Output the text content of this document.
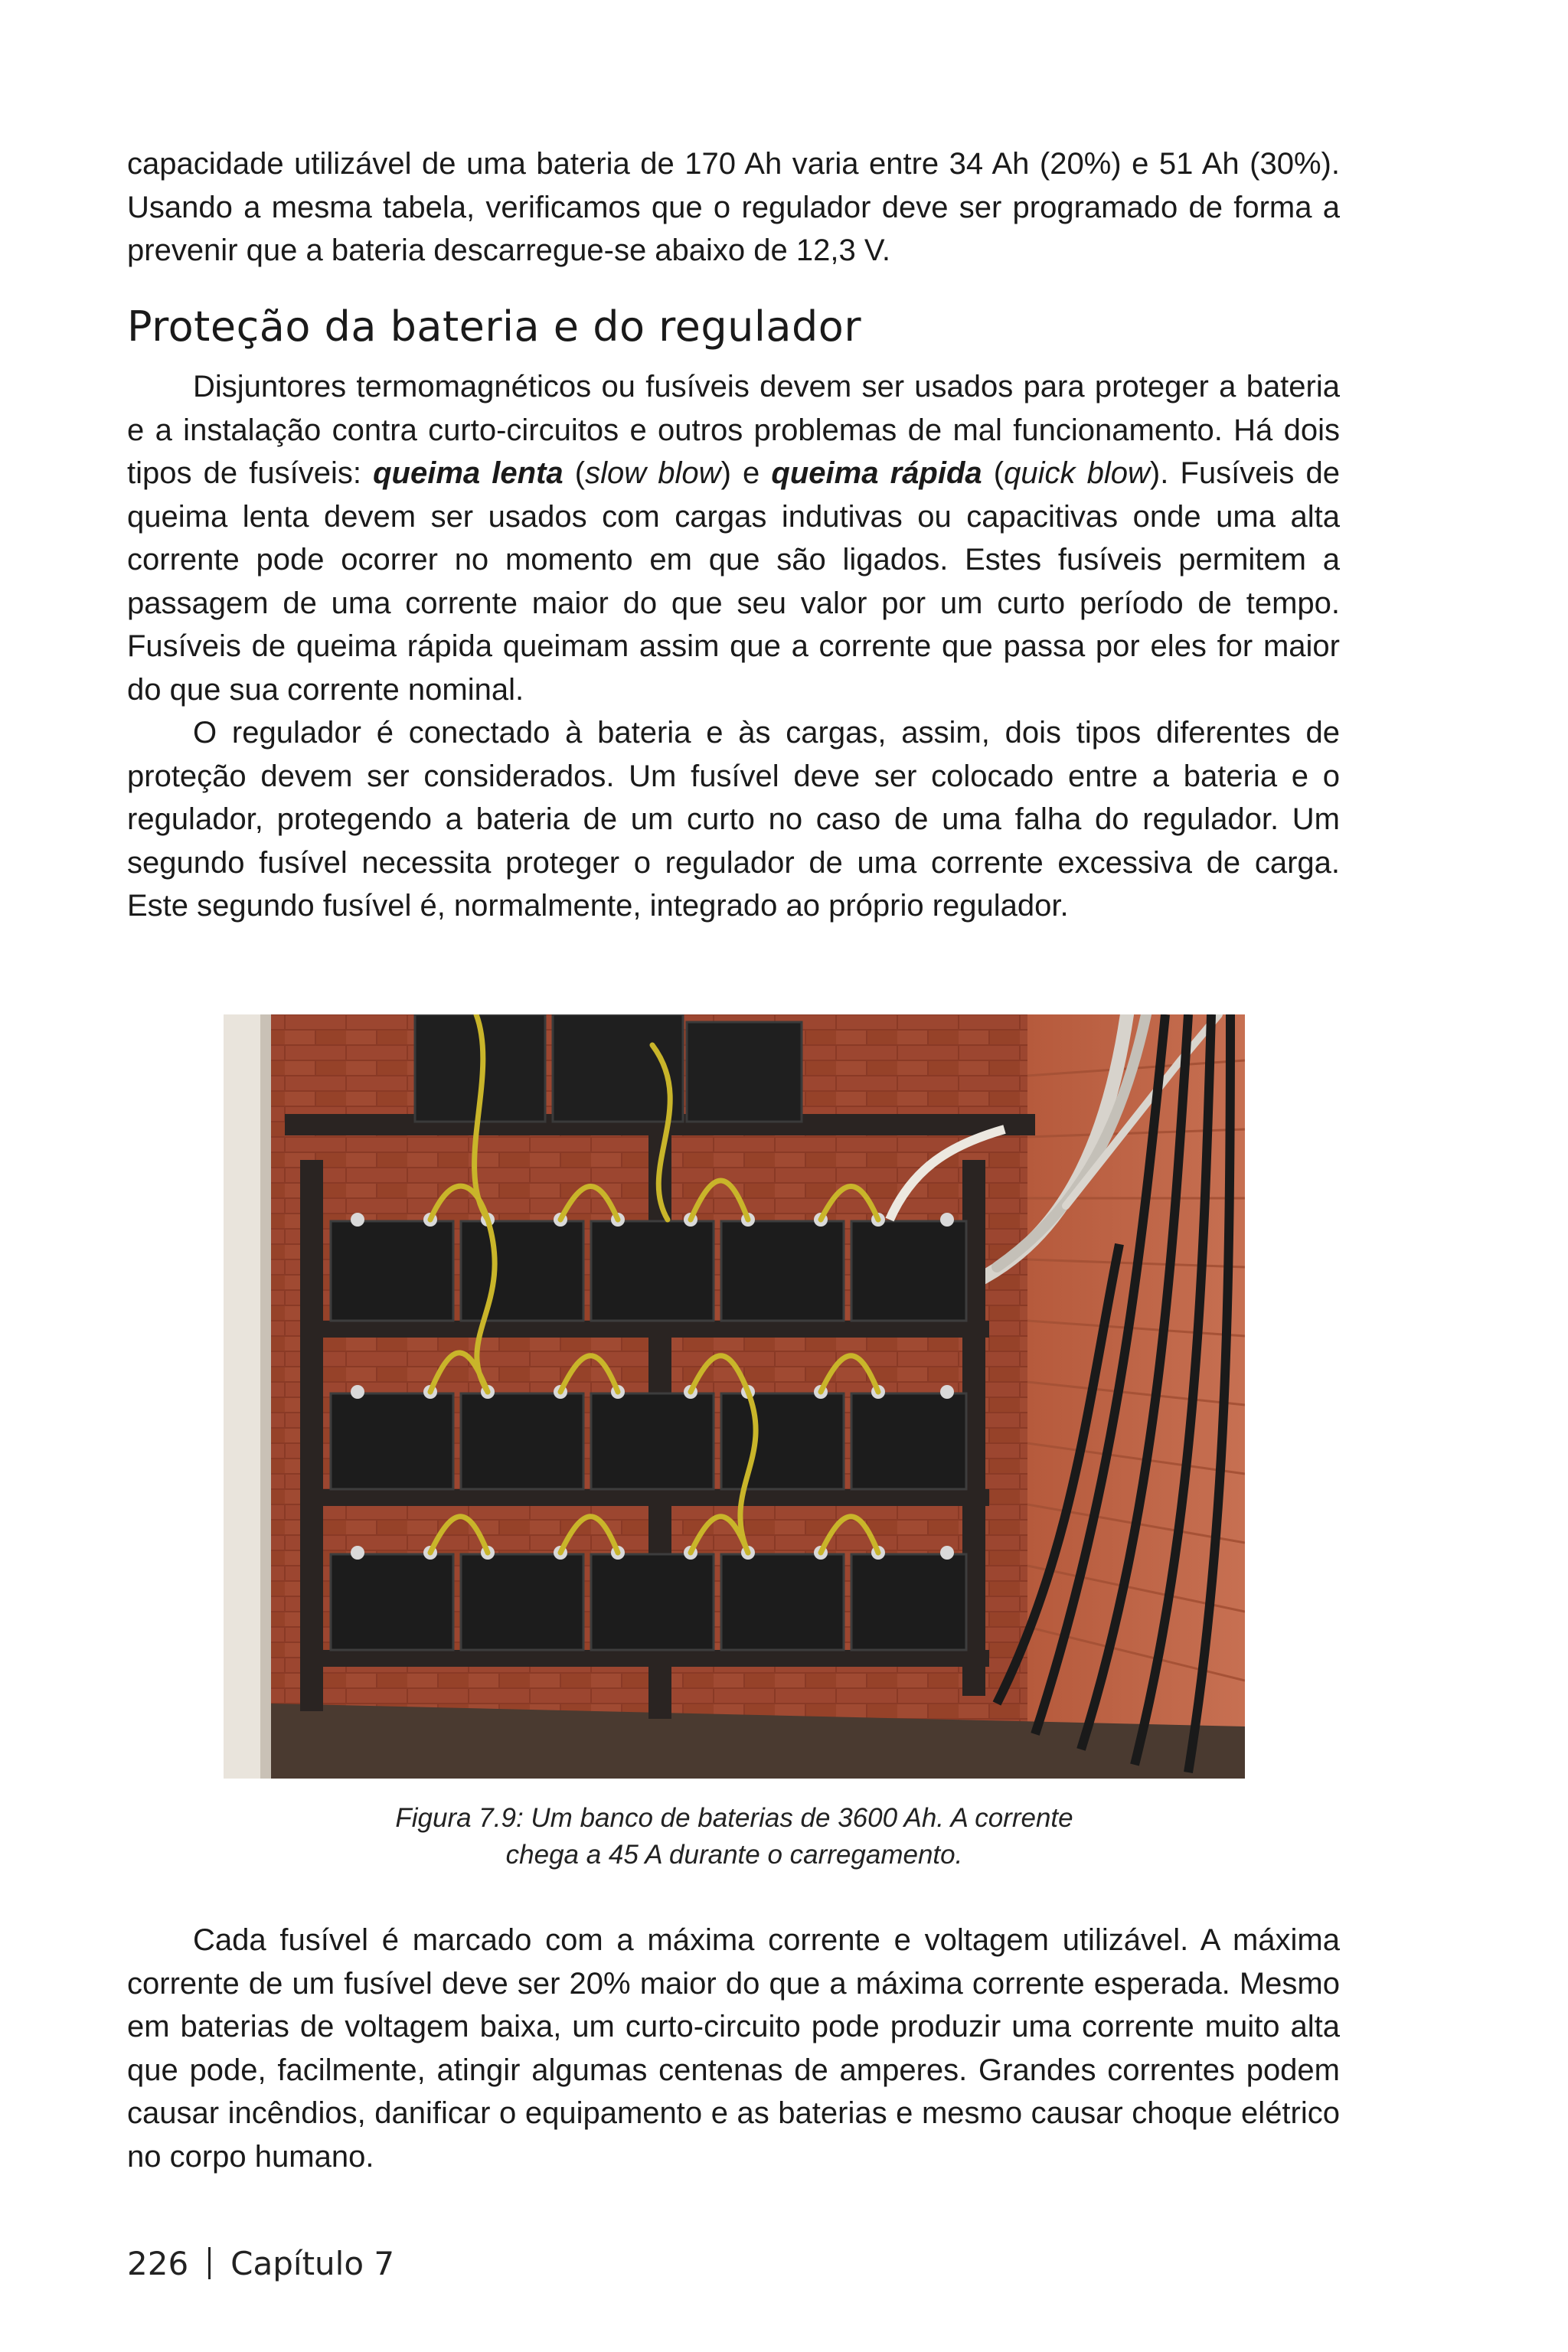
capacidade utilizável de uma bateria de 170 Ah varia entre 34 Ah (20%) e 51 Ah (30%). Usando a mesma tabela, verificamos que o regulador deve ser programado de forma a prevenir que a bateria descarregue-se abaixo de 12,3 V.

Proteção da bateria e do regulador

Disjuntores termomagnéticos ou fusíveis devem ser usados para proteger a bateria e a instalação contra curto-circuitos e outros problemas de mal funcionamento. Há dois tipos de fusíveis: queima lenta (slow blow) e queima rápida (quick blow). Fusíveis de queima lenta devem ser usados com cargas indutivas ou capacitivas onde uma alta corrente pode ocorrer no momento em que são ligados. Estes fusíveis permitem a passagem de uma corrente maior do que seu valor por um curto período de tempo. Fusíveis de queima rápida queimam assim que a corrente que passa por eles for maior do que sua corrente nominal.

O regulador é conectado à bateria e às cargas, assim, dois tipos diferentes de proteção devem ser considerados. Um fusível deve ser colocado entre a bateria e o regulador, protegendo a bateria de um curto no caso de uma falha do regulador. Um segundo fusível necessita proteger o regulador de uma corrente excessiva de carga. Este segundo fusível é, normalmente, integrado ao próprio regulador.

Figura 7.9: Um banco de baterias de 3600 Ah. A corrente
chega a 45 A durante o carregamento.

Cada fusível é marcado com a máxima corrente e voltagem utilizável. A máxima corrente de um fusível deve ser 20% maior do que a máxima corrente esperada. Mesmo em baterias de voltagem baixa, um curto-circuito pode produzir uma corrente muito alta que pode, facilmente, atingir algumas centenas de amperes. Grandes correntes podem causar incêndios, danificar o equipamento e as baterias e mesmo causar choque elétrico no corpo humano.

226 Capítulo 7
